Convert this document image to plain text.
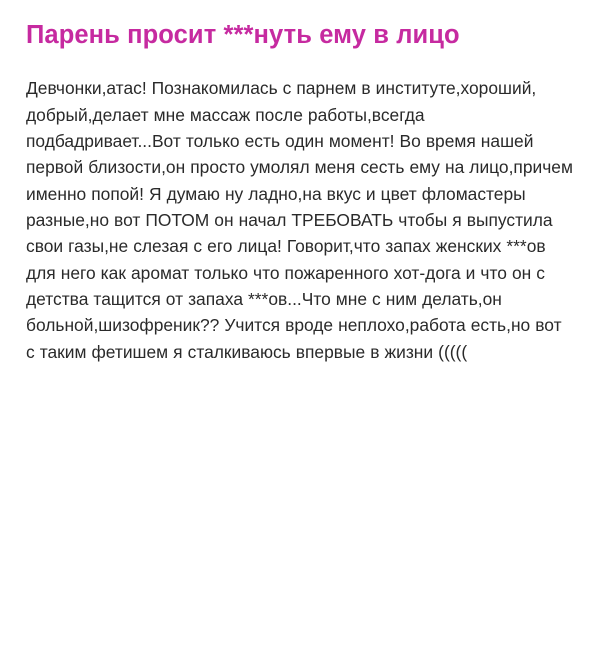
Парень просит ***нуть ему в лицо

Девчонки,атас! Познакомилась с парнем в институте,хороший, добрый,делает мне массаж после работы,всегда подбадривает...Вот только есть один момент! Во время нашей первой близости,он просто умолял меня сесть ему на лицо,причем именно попой! Я думаю ну ладно,на вкус и цвет фломастеры разные,но вот ПОТОМ он начал ТРЕБОВАТЬ чтобы я выпустила свои газы,не слезая с его лица! Говорит,что запах женских ***ов для него как аромат только что пожаренного хот-дога и что он с детства тащится от запаха ***ов...Что мне с ним делать,он больной,шизофреник?? Учится вроде неплохо,работа есть,но вот с таким фетишем я сталкиваюсь впервые в жизни (((((
